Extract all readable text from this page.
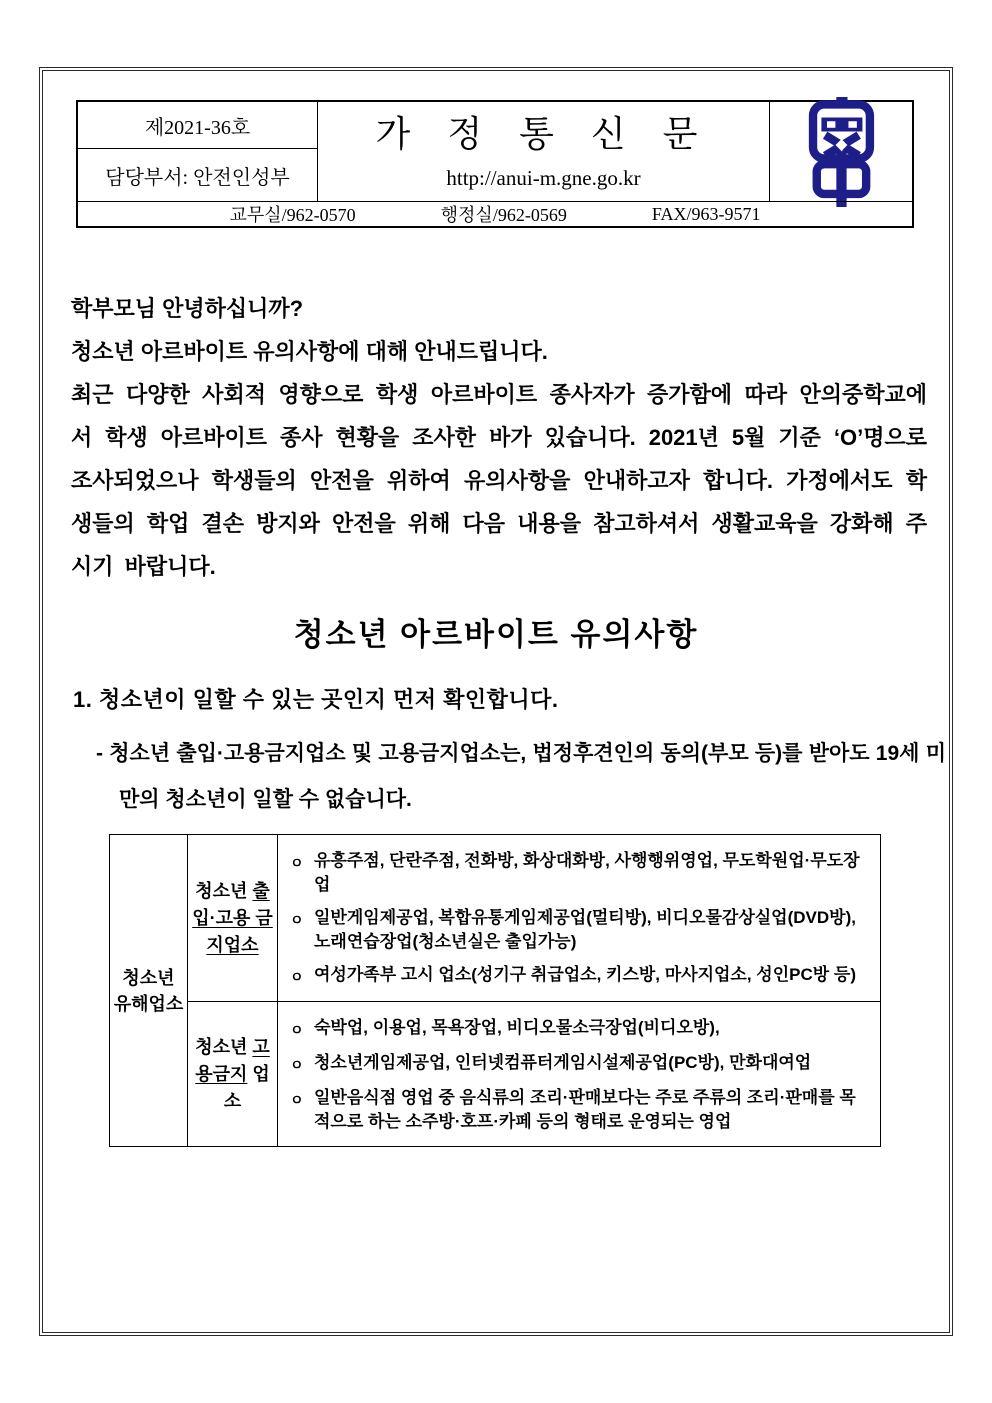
제2021-36호
담당부서: 안전인성부
가 정 통 신 문
http://anui-m.gne.go.kr
교무실/962-0570	행정실/962-0569	FAX/963-9571
학부모님 안녕하십니까?
청소년 아르바이트 유의사항에 대해 안내드립니다.
최근 다양한 사회적 영향으로 학생 아르바이트 종사자가 증가함에 따라 안의중학교에서 학생 아르바이트 종사 현황을 조사한 바가 있습니다. 2021년 5월 기준 ‘O’명으로 조사되었으나 학생들의 안전을 위하여 유의사항을 안내하고자 합니다. 가정에서도 학생들의 학업 결손 방지와 안전을 위해 다음 내용을 참고하셔서 생활교육을 강화해 주시기 바랍니다.
청소년 아르바이트 유의사항
1. 청소년이 일할 수 있는 곳인지 먼저 확인합니다.
- 청소년 출입·고용금지업소 및 고용금지업소는, 법정후견인의 동의(부모 등)를 받아도 19세 미만의 청소년이 일할 수 없습니다.
청소년 유해업소	청소년 출입·고용 금지업소	
ㅇ 유흥주점, 단란주점, 전화방, 화상대화방, 사행행위영업, 무도학원업·무도장업
ㅇ 일반게임제공업, 복합유통게임제공업(멀티방), 비디오물감상실업(DVD방), 노래연습장업(청소년실은 출입가능)
ㅇ 여성가족부 고시 업소(성기구 취급업소, 키스방, 마사지업소, 성인PC방 등)

청소년 고용금지 업소	
ㅇ 숙박업, 이용업, 목욕장업, 비디오물소극장업(비디오방),
ㅇ 청소년게임제공업, 인터넷컴퓨터게임시설제공업(PC방), 만화대여업
ㅇ 일반음식점 영업 중 음식류의 조리·판매보다는 주로 주류의 조리·판매를 목적으로 하는 소주방·호프·카페 등의 형태로 운영되는 영업
